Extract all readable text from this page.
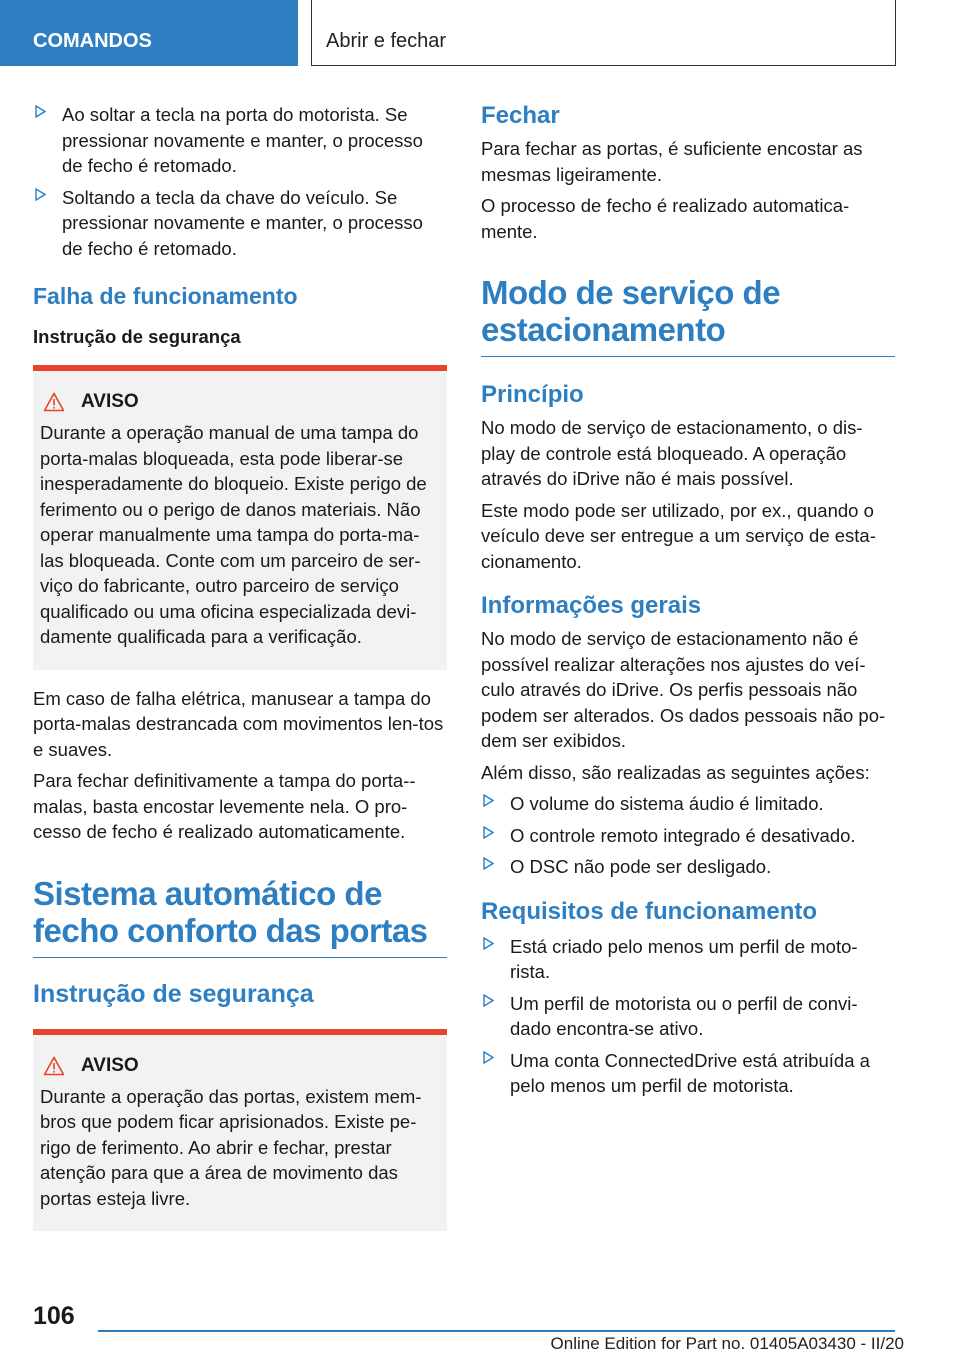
COMANDOS	Abrir e fechar
Ao soltar a tecla na porta do motorista. Se pressionar novamente e manter, o processo de fecho é retomado.
Soltando a tecla da chave do veículo. Se pressionar novamente e manter, o processo de fecho é retomado.
Falha de funcionamento
Instrução de segurança
AVISO
Durante a operação manual de uma tampa do porta-malas bloqueada, esta pode liberar-se inesperadamente do bloqueio. Existe perigo de ferimento ou o perigo de danos materiais. Não operar manualmente uma tampa do porta-ma-las bloqueada. Conte com um parceiro de ser-viço do fabricante, outro parceiro de serviço qualificado ou uma oficina especializada devi-damente qualificada para a verificação.
Em caso de falha elétrica, manusear a tampa do porta-malas destrancada com movimentos len-tos e suaves.
Para fechar definitivamente a tampa do porta--malas, basta encostar levemente nela. O pro-cesso de fecho é realizado automaticamente.
Sistema automático de fecho conforto das portas
Instrução de segurança
AVISO
Durante a operação das portas, existem mem-bros que podem ficar aprisionados. Existe pe-rigo de ferimento. Ao abrir e fechar, prestar atenção para que a área de movimento das portas esteja livre.
Fechar
Para fechar as portas, é suficiente encostar as mesmas ligeiramente.
O processo de fecho é realizado automatica-mente.
Modo de serviço de estacionamento
Princípio
No modo de serviço de estacionamento, o dis-play de controle está bloqueado. A operação através do iDrive não é mais possível.
Este modo pode ser utilizado, por ex., quando o veículo deve ser entregue a um serviço de esta-cionamento.
Informações gerais
No modo de serviço de estacionamento não é possível realizar alterações nos ajustes do veí-culo através do iDrive. Os perfis pessoais não podem ser alterados. Os dados pessoais não po-dem ser exibidos.
Além disso, são realizadas as seguintes ações:
O volume do sistema áudio é limitado.
O controle remoto integrado é desativado.
O DSC não pode ser desligado.
Requisitos de funcionamento
Está criado pelo menos um perfil de moto-rista.
Um perfil de motorista ou o perfil de convi-dado encontra-se ativo.
Uma conta ConnectedDrive está atribuída a pelo menos um perfil de motorista.
106
Online Edition for Part no. 01405A03430 - II/20
